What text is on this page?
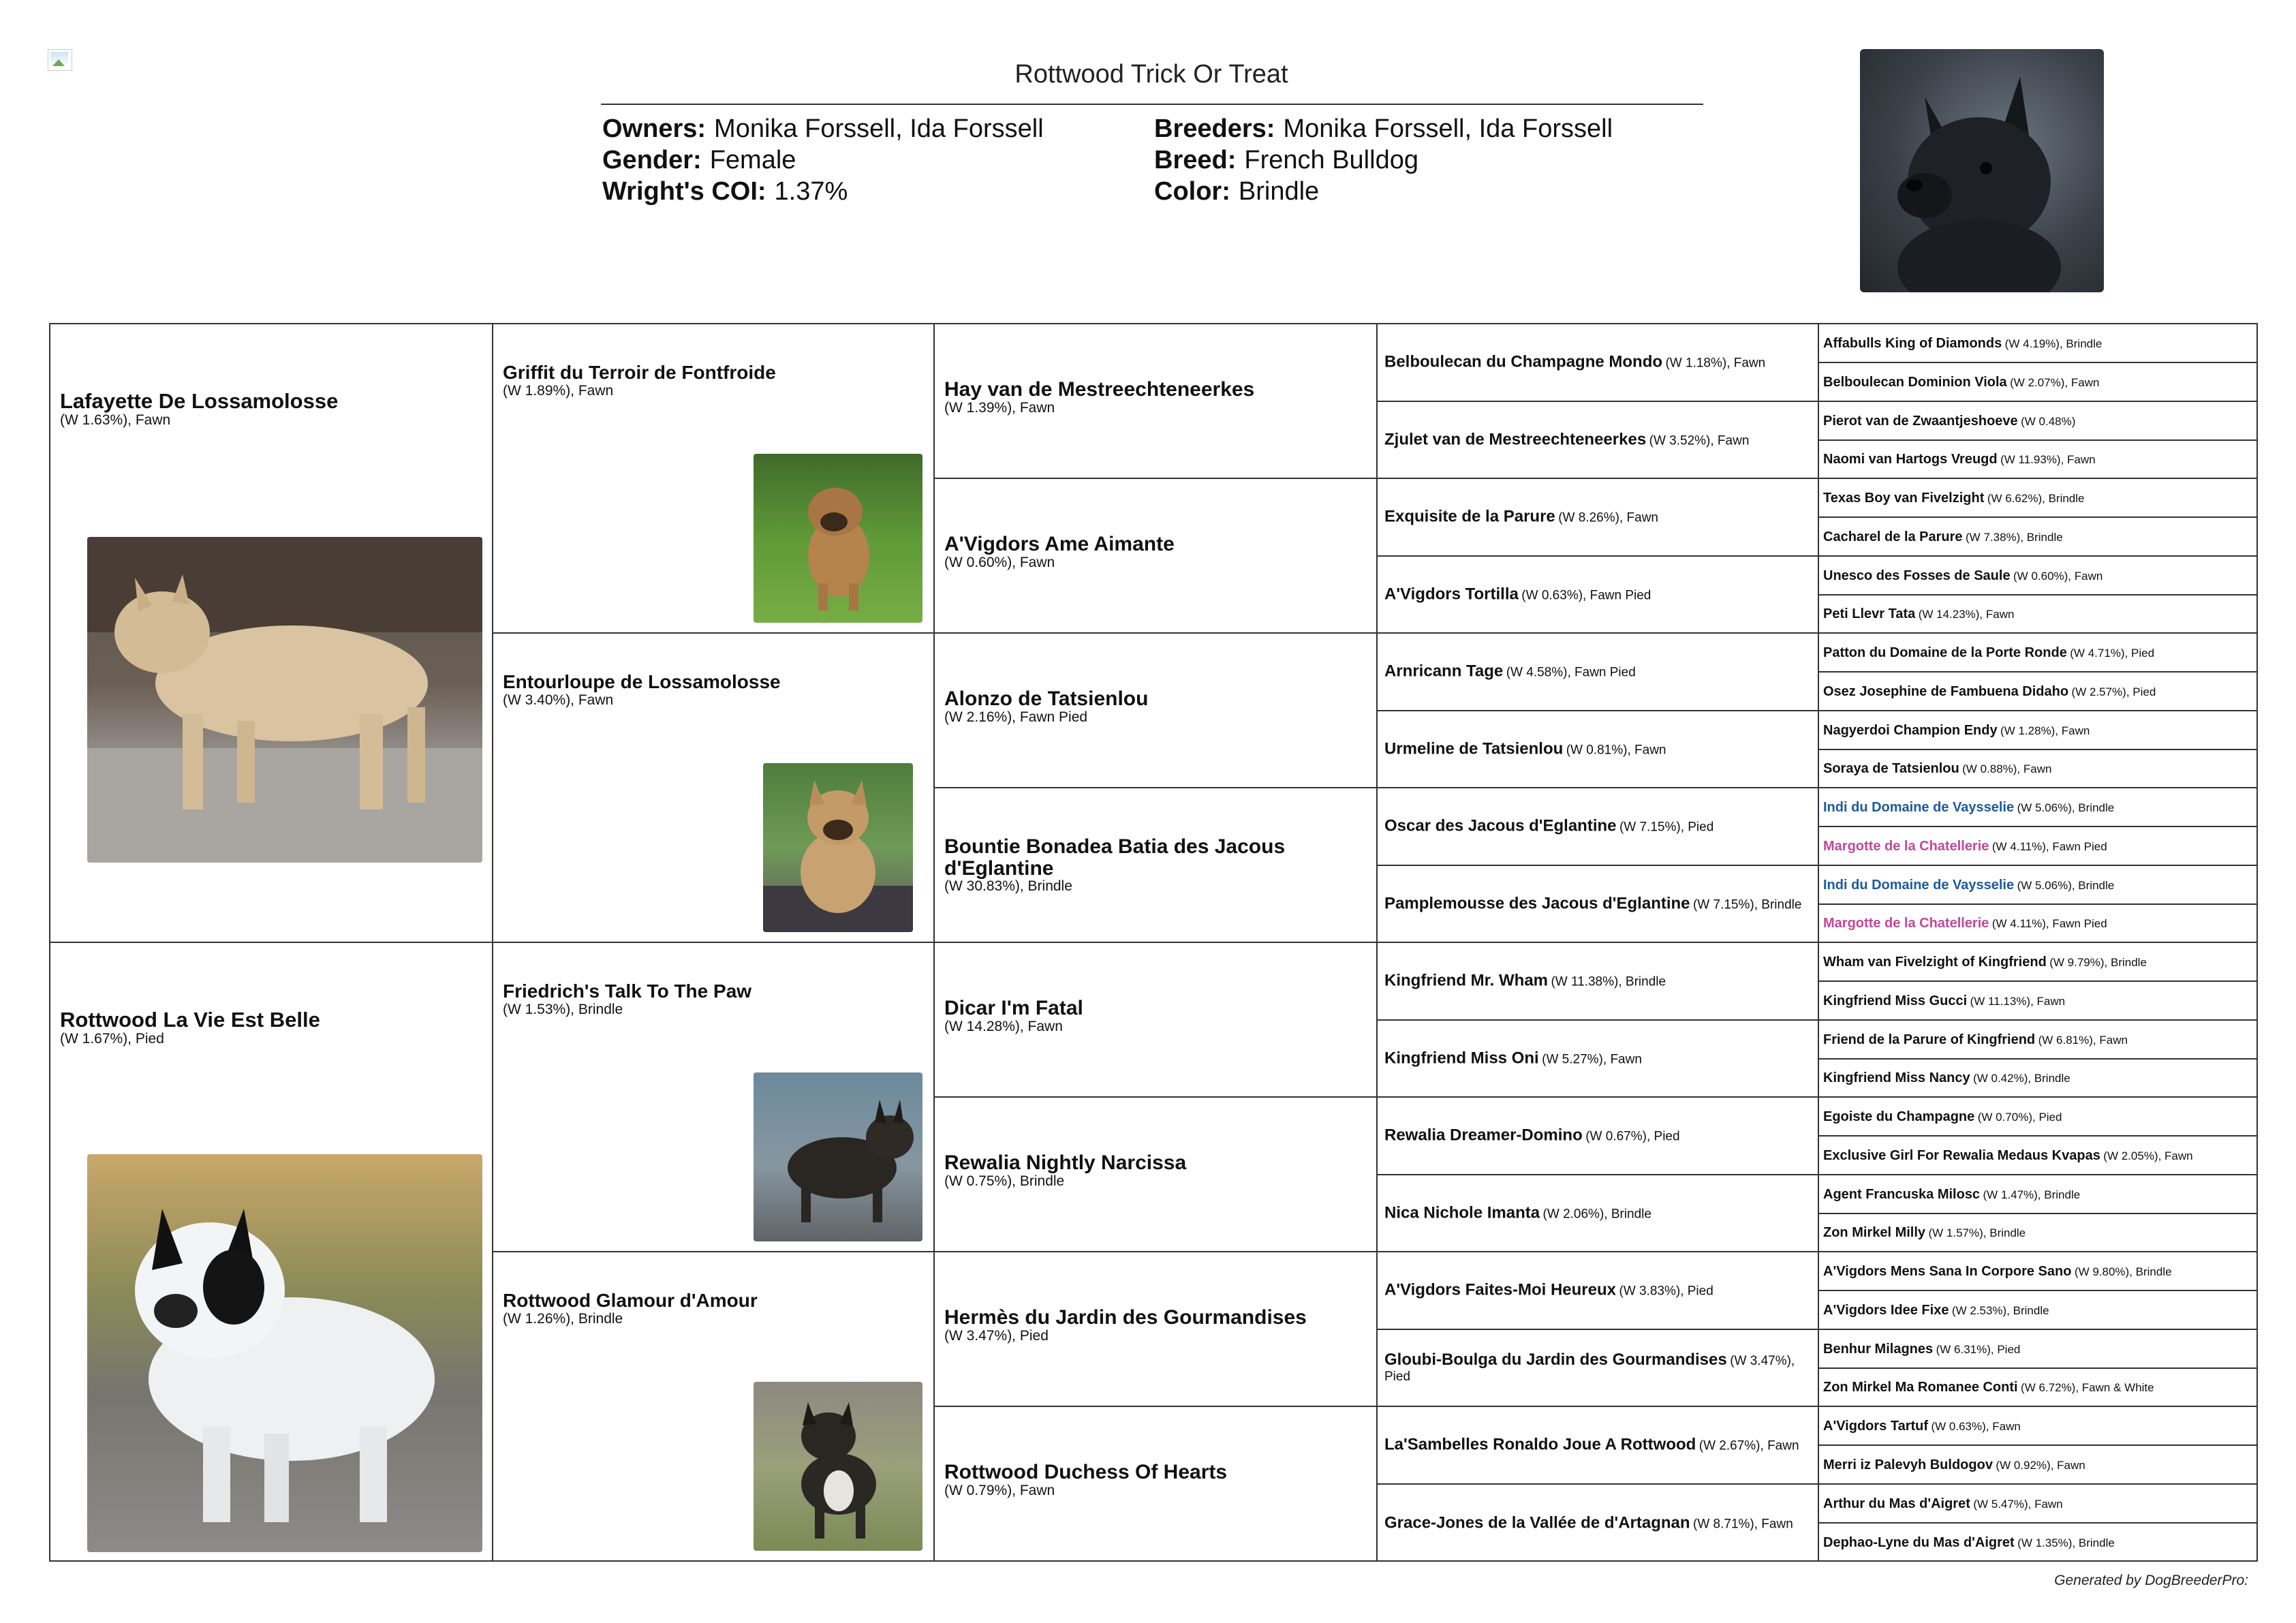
Rottwood Trick Or Treat
Owners: Monika Forssell, Ida Forssell
Gender: Female
Wright's COI: 1.37%
Breeders: Monika Forssell, Ida Forssell
Breed: French Bulldog
Color: Brindle
Lafayette De Lossamolosse
(W 1.63%), Fawn
Rottwood La Vie Est Belle
(W 1.67%), Pied
Griffit du Terroir de Fontfroide
(W 1.89%), Fawn
Entourloupe de Lossamolosse
(W 3.40%), Fawn
Friedrich's Talk To The Paw
(W 1.53%), Brindle
Rottwood Glamour d'Amour
(W 1.26%), Brindle
Hay van de Mestreechteneerkes
(W 1.39%), Fawn
A'Vigdors Ame Aimante
(W 0.60%), Fawn
Alonzo de Tatsienlou
(W 2.16%), Fawn Pied
Bountie Bonadea Batia des Jacous d'Eglantine
(W 30.83%), Brindle
Dicar I'm Fatal
(W 14.28%), Fawn
Rewalia Nightly Narcissa
(W 0.75%), Brindle
Hermès du Jardin des Gourmandises
(W 3.47%), Pied
Rottwood Duchess Of Hearts
(W 0.79%), Fawn
Belboulecan du Champagne Mondo (W 1.18%), Fawn
Zjulet van de Mestreechteneerkes (W 3.52%), Fawn
Exquisite de la Parure (W 8.26%), Fawn
A'Vigdors Tortilla (W 0.63%), Fawn Pied
Arnricann Tage (W 4.58%), Fawn Pied
Urmeline de Tatsienlou (W 0.81%), Fawn
Oscar des Jacous d'Eglantine (W 7.15%), Pied
Pamplemousse des Jacous d'Eglantine (W 7.15%), Brindle
Kingfriend Mr. Wham (W 11.38%), Brindle
Kingfriend Miss Oni (W 5.27%), Fawn
Rewalia Dreamer-Domino (W 0.67%), Pied
Nica Nichole Imanta (W 2.06%), Brindle
A'Vigdors Faites-Moi Heureux (W 3.83%), Pied
Gloubi-Boulga du Jardin des Gourmandises (W 3.47%), Pied
La'Sambelles Ronaldo Joue A Rottwood (W 2.67%), Fawn
Grace-Jones de la Vallée de d'Artagnan (W 8.71%), Fawn
Affabulls King of Diamonds (W 4.19%), Brindle
Belboulecan Dominion Viola (W 2.07%), Fawn
Pierot van de Zwaantjeshoeve (W 0.48%)
Naomi van Hartogs Vreugd (W 11.93%), Fawn
Texas Boy van Fivelzight (W 6.62%), Brindle
Cacharel de la Parure (W 7.38%), Brindle
Unesco des Fosses de Saule (W 0.60%), Fawn
Peti Llevr Tata (W 14.23%), Fawn
Patton du Domaine de la Porte Ronde (W 4.71%), Pied
Osez Josephine de Fambuena Didaho (W 2.57%), Pied
Nagyerdoi Champion Endy (W 1.28%), Fawn
Soraya de Tatsienlou (W 0.88%), Fawn
Indi du Domaine de Vaysselie (W 5.06%), Brindle
Margotte de la Chatellerie (W 4.11%), Fawn Pied
Indi du Domaine de Vaysselie (W 5.06%), Brindle
Margotte de la Chatellerie (W 4.11%), Fawn Pied
Wham van Fivelzight of Kingfriend (W 9.79%), Brindle
Kingfriend Miss Gucci (W 11.13%), Fawn
Friend de la Parure of Kingfriend (W 6.81%), Fawn
Kingfriend Miss Nancy (W 0.42%), Brindle
Egoiste du Champagne (W 0.70%), Pied
Exclusive Girl For Rewalia Medaus Kvapas (W 2.05%), Fawn
Agent Francuska Milosc (W 1.47%), Brindle
Zon Mirkel Milly (W 1.57%), Brindle
A'Vigdors Mens Sana In Corpore Sano (W 9.80%), Brindle
A'Vigdors Idee Fixe (W 2.53%), Brindle
Benhur Milagnes (W 6.31%), Pied
Zon Mirkel Ma Romanee Conti (W 6.72%), Fawn & White
A'Vigdors Tartuf (W 0.63%), Fawn
Merri iz Palevyh Buldogov (W 0.92%), Fawn
Arthur du Mas d'Aigret (W 5.47%), Fawn
Dephao-Lyne du Mas d'Aigret (W 1.35%), Brindle
Generated by DogBreederPro:
